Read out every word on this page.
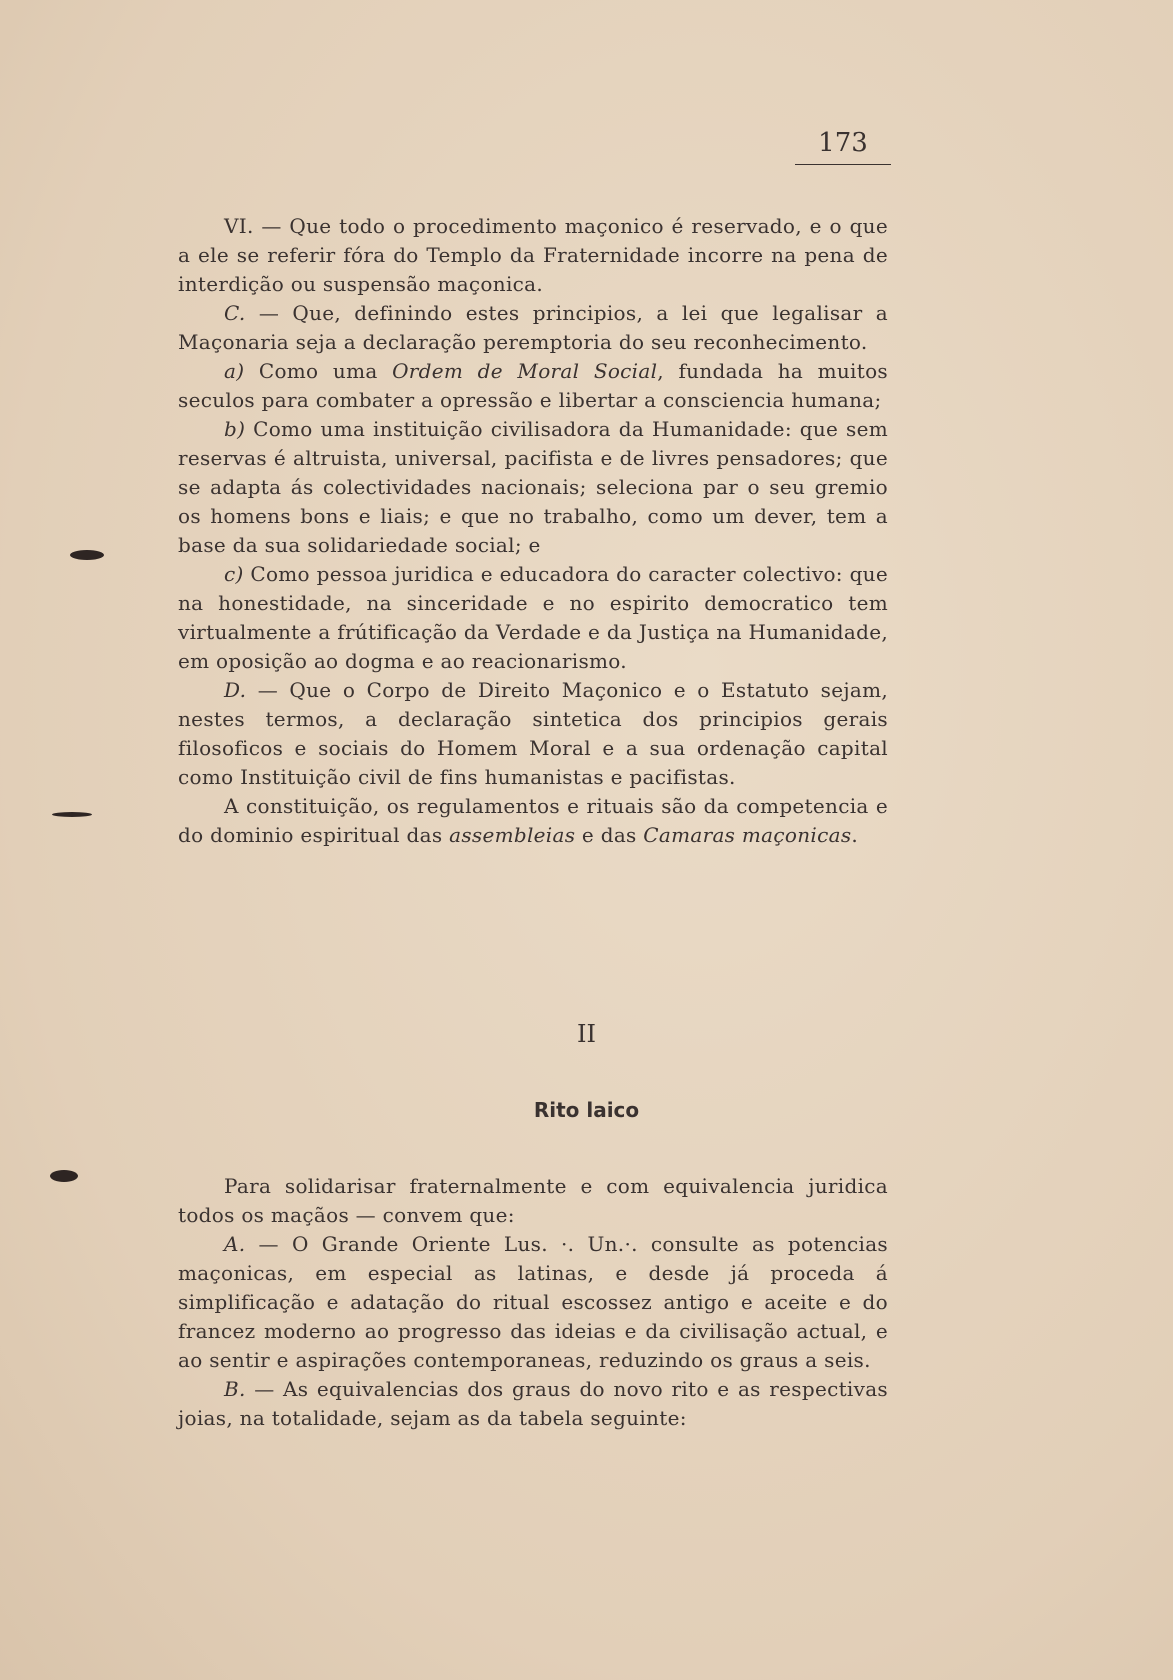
173

VI. — Que todo o procedimento maçonico é reservado, e o que a ele se referir fóra do Templo da Fraternidade incorre na pena de interdição ou suspensão maçonica.

C. — Que, definindo estes principios, a lei que legalisar a Maçonaria seja a declaração peremptoria do seu reconhecimento.

a) Como uma Ordem de Moral Social, fundada ha muitos seculos para combater a opressão e libertar a consciencia humana;

b) Como uma instituição civilisadora da Humanidade: que sem reservas é altruista, universal, pacifista e de livres pensadores; que se adapta ás colectividades nacionais; seleciona par o seu gremio os homens bons e liais; e que no trabalho, como um dever, tem a base da sua solidariedade social; e

c) Como pessoa juridica e educadora do caracter colectivo: que na honestidade, na sinceridade e no espirito democratico tem virtualmente a frútificação da Verdade e da Justiça na Humanidade, em oposição ao dogma e ao reacionarismo.

D. — Que o Corpo de Direito Maçonico e o Estatuto sejam, nestes termos, a declaração sintetica dos principios gerais filosoficos e sociais do Homem Moral e a sua ordenação capital como Instituição civil de fins humanistas e pacifistas.

A constituição, os regulamentos e rituais são da competencia e do dominio espiritual das assembleias e das Camaras maçonicas.

II
Rito laico

Para solidarisar fraternalmente e com equivalencia juridica todos os maçãos — convem que:

A. — O Grande Oriente Lus. ·. Un.·. consulte as potencias maçonicas, em especial as latinas, e desde já proceda á simplificação e adatação do ritual escossez antigo e aceite e do francez moderno ao progresso das ideias e da civilisação actual, e ao sentir e aspirações contemporaneas, reduzindo os graus a seis.

B. — As equivalencias dos graus do novo rito e as respectivas joias, na totalidade, sejam as da tabela seguinte:
